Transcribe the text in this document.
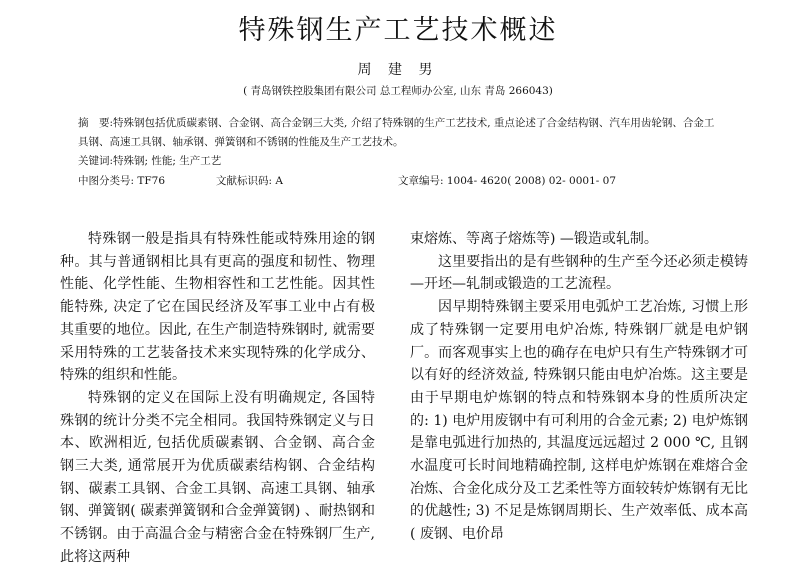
特殊钢生产工艺技术概述
周 建 男
( 青岛钢铁控股集团有限公司 总工程师办公室, 山东 青岛 266043)
摘　要:特殊钢包括优质碳素钢、合金钢、高合金钢三大类, 介绍了特殊钢的生产工艺技术, 重点论述了合金结构钢、汽车用齿轮钢、合金工具钢、高速工具钢、轴承钢、弹簧钢和不锈钢的性能及生产工艺技术。
关键词:特殊钢; 性能; 生产工艺
中图分类号: TF76	文献标识码: A	文章编号: 1004- 4620( 2008) 02- 0001- 07

特殊钢一般是指具有特殊性能或特殊用途的钢种。其与普通钢相比具有更高的强度和韧性、物理性能、化学性能、生物相容性和工艺性能。因其性能特殊, 决定了它在国民经济及军事工业中占有极其重要的地位。因此, 在生产制造特殊钢时, 就需要采用特殊的工艺装备技术来实现特殊的化学成分、特殊的组织和性能。

特殊钢的定义在国际上没有明确规定, 各国特殊钢的统计分类不完全相同。我国特殊钢定义与日本、欧洲相近, 包括优质碳素钢、合金钢、高合金钢三大类, 通常展开为优质碳素结构钢、合金结构钢、碳素工具钢、合金工具钢、高速工具钢、轴承钢、弹簧钢( 碳素弹簧钢和合金弹簧钢) 、耐热钢和不锈钢。由于高温合金与精密合金在特殊钢厂生产, 此将这两种

束熔炼、等离子熔炼等) —锻造或轧制。

这里要指出的是有些钢种的生产至今还必须走模铸—开坯—轧制或锻造的工艺流程。

因早期特殊钢主要采用电弧炉工艺冶炼, 习惯上形成了特殊钢一定要用电炉冶炼, 特殊钢厂就是电炉钢厂。而客观事实上也的确存在电炉只有生产特殊钢才可以有好的经济效益, 特殊钢只能由电炉冶炼。这主要是由于早期电炉炼钢的特点和特殊钢本身的性质所决定的: 1) 电炉用废钢中有可利用的合金元素; 2) 电炉炼钢是靠电弧进行加热的, 其温度远远超过 2 000 ℃, 且钢水温度可长时间地精确控制, 这样电炉炼钢在难熔合金冶炼、合金化成分及工艺柔性等方面较转炉炼钢有无比的优越性; 3) 不足是炼钢周期长、生产效率低、成本高( 废钢、电价昂
